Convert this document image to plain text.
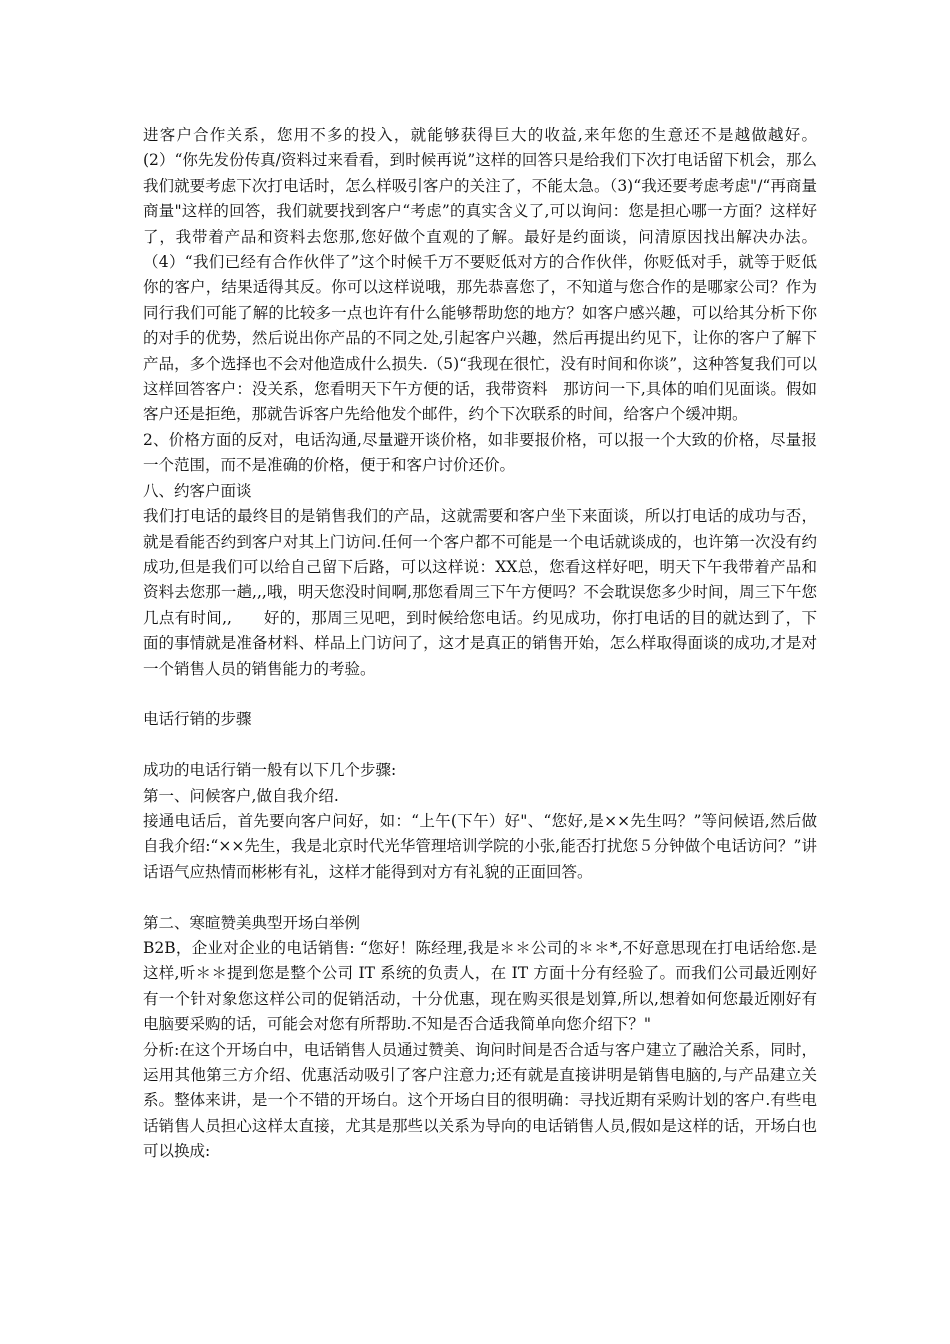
进客户合作关系，您用不多的投入，就能够获得巨大的收益,来年您的生意还不是越做越好。(2）“你先发份传真/资料过来看看，到时候再说”这样的回答只是给我们下次打电话留下机会，那么我们就要考虑下次打电话时，怎么样吸引客户的关注了，不能太急。（3)“我还要考虑考虑"/“再商量商量"这样的回答，我们就要找到客户“考虑”的真实含义了,可以询问：您是担心哪一方面？这样好了，我带着产品和资料去您那,您好做个直观的了解。最好是约面谈，问清原因找出解决办法。（4）“我们已经有合作伙伴了”这个时候千万不要贬低对方的合作伙伴，你贬低对手，就等于贬低你的客户，结果适得其反。你可以这样说哦，那先恭喜您了，不知道与您合作的是哪家公司？作为同行我们可能了解的比较多一点也许有什么能够帮助您的地方？如客户感兴趣，可以给其分析下你的对手的优势，然后说出你产品的不同之处,引起客户兴趣，然后再提出约见下，让你的客户了解下产品，多个选择也不会对他造成什么损失.（5)“我现在很忙，没有时间和你谈”，这种答复我们可以这样回答客户：没关系，您看明天下午方便的话，我带资料　那访问一下,具体的咱们见面谈。假如客户还是拒绝，那就告诉客户先给他发个邮件，约个下次联系的时间，给客户个缓冲期。

2、价格方面的反对，电话沟通,尽量避开谈价格，如非要报价格，可以报一个大致的价格，尽量报一个范围，而不是准确的价格，便于和客户讨价还价。

八、约客户面谈

我们打电话的最终目的是销售我们的产品，这就需要和客户坐下来面谈，所以打电话的成功与否，就是看能否约到客户对其上门访问.任何一个客户都不可能是一个电话就谈成的，也许第一次没有约成功,但是我们可以给自己留下后路，可以这样说：XX总，您看这样好吧，明天下午我带着产品和资料去您那一趟,,,哦，明天您没时间啊,那您看周三下午方便吗？不会耽误您多少时间，周三下午您几点有时间,,　　好的，那周三见吧，到时候给您电话。约见成功，你打电话的目的就达到了，下面的事情就是准备材料、样品上门访问了，这才是真正的销售开始，怎么样取得面谈的成功,才是对一个销售人员的销售能力的考验。

电话行销的步骤

成功的电话行销一般有以下几个步骤:

第一、问候客户,做自我介绍.

接通电话后，首先要向客户问好，如：“上午(下午）好"、“您好,是××先生吗？”等问候语,然后做自我介绍:“××先生，我是北京时代光华管理培训学院的小张,能否打扰您５分钟做个电话访问？”讲话语气应热情而彬彬有礼，这样才能得到对方有礼貌的正面回答。

第二、寒暄赞美典型开场白举例

B2B，企业对企业的电话销售: “您好！陈经理,我是＊＊公司的＊＊*,不好意思现在打电话给您.是这样,听＊＊提到您是整个公司 IT 系统的负责人，在 IT 方面十分有经验了。而我们公司最近刚好有一个针对象您这样公司的促销活动，十分优惠，现在购买很是划算,所以,想着如何您最近刚好有电脑要采购的话，可能会对您有所帮助.不知是否合适我简单向您介绍下？"

分析:在这个开场白中，电话销售人员通过赞美、询问时间是否合适与客户建立了融洽关系，同时，运用其他第三方介绍、优惠活动吸引了客户注意力;还有就是直接讲明是销售电脑的,与产品建立关系。整体来讲，是一个不错的开场白。这个开场白目的很明确：寻找近期有采购计划的客户.有些电话销售人员担心这样太直接，尤其是那些以关系为导向的电话销售人员,假如是这样的话，开场白也可以换成:
